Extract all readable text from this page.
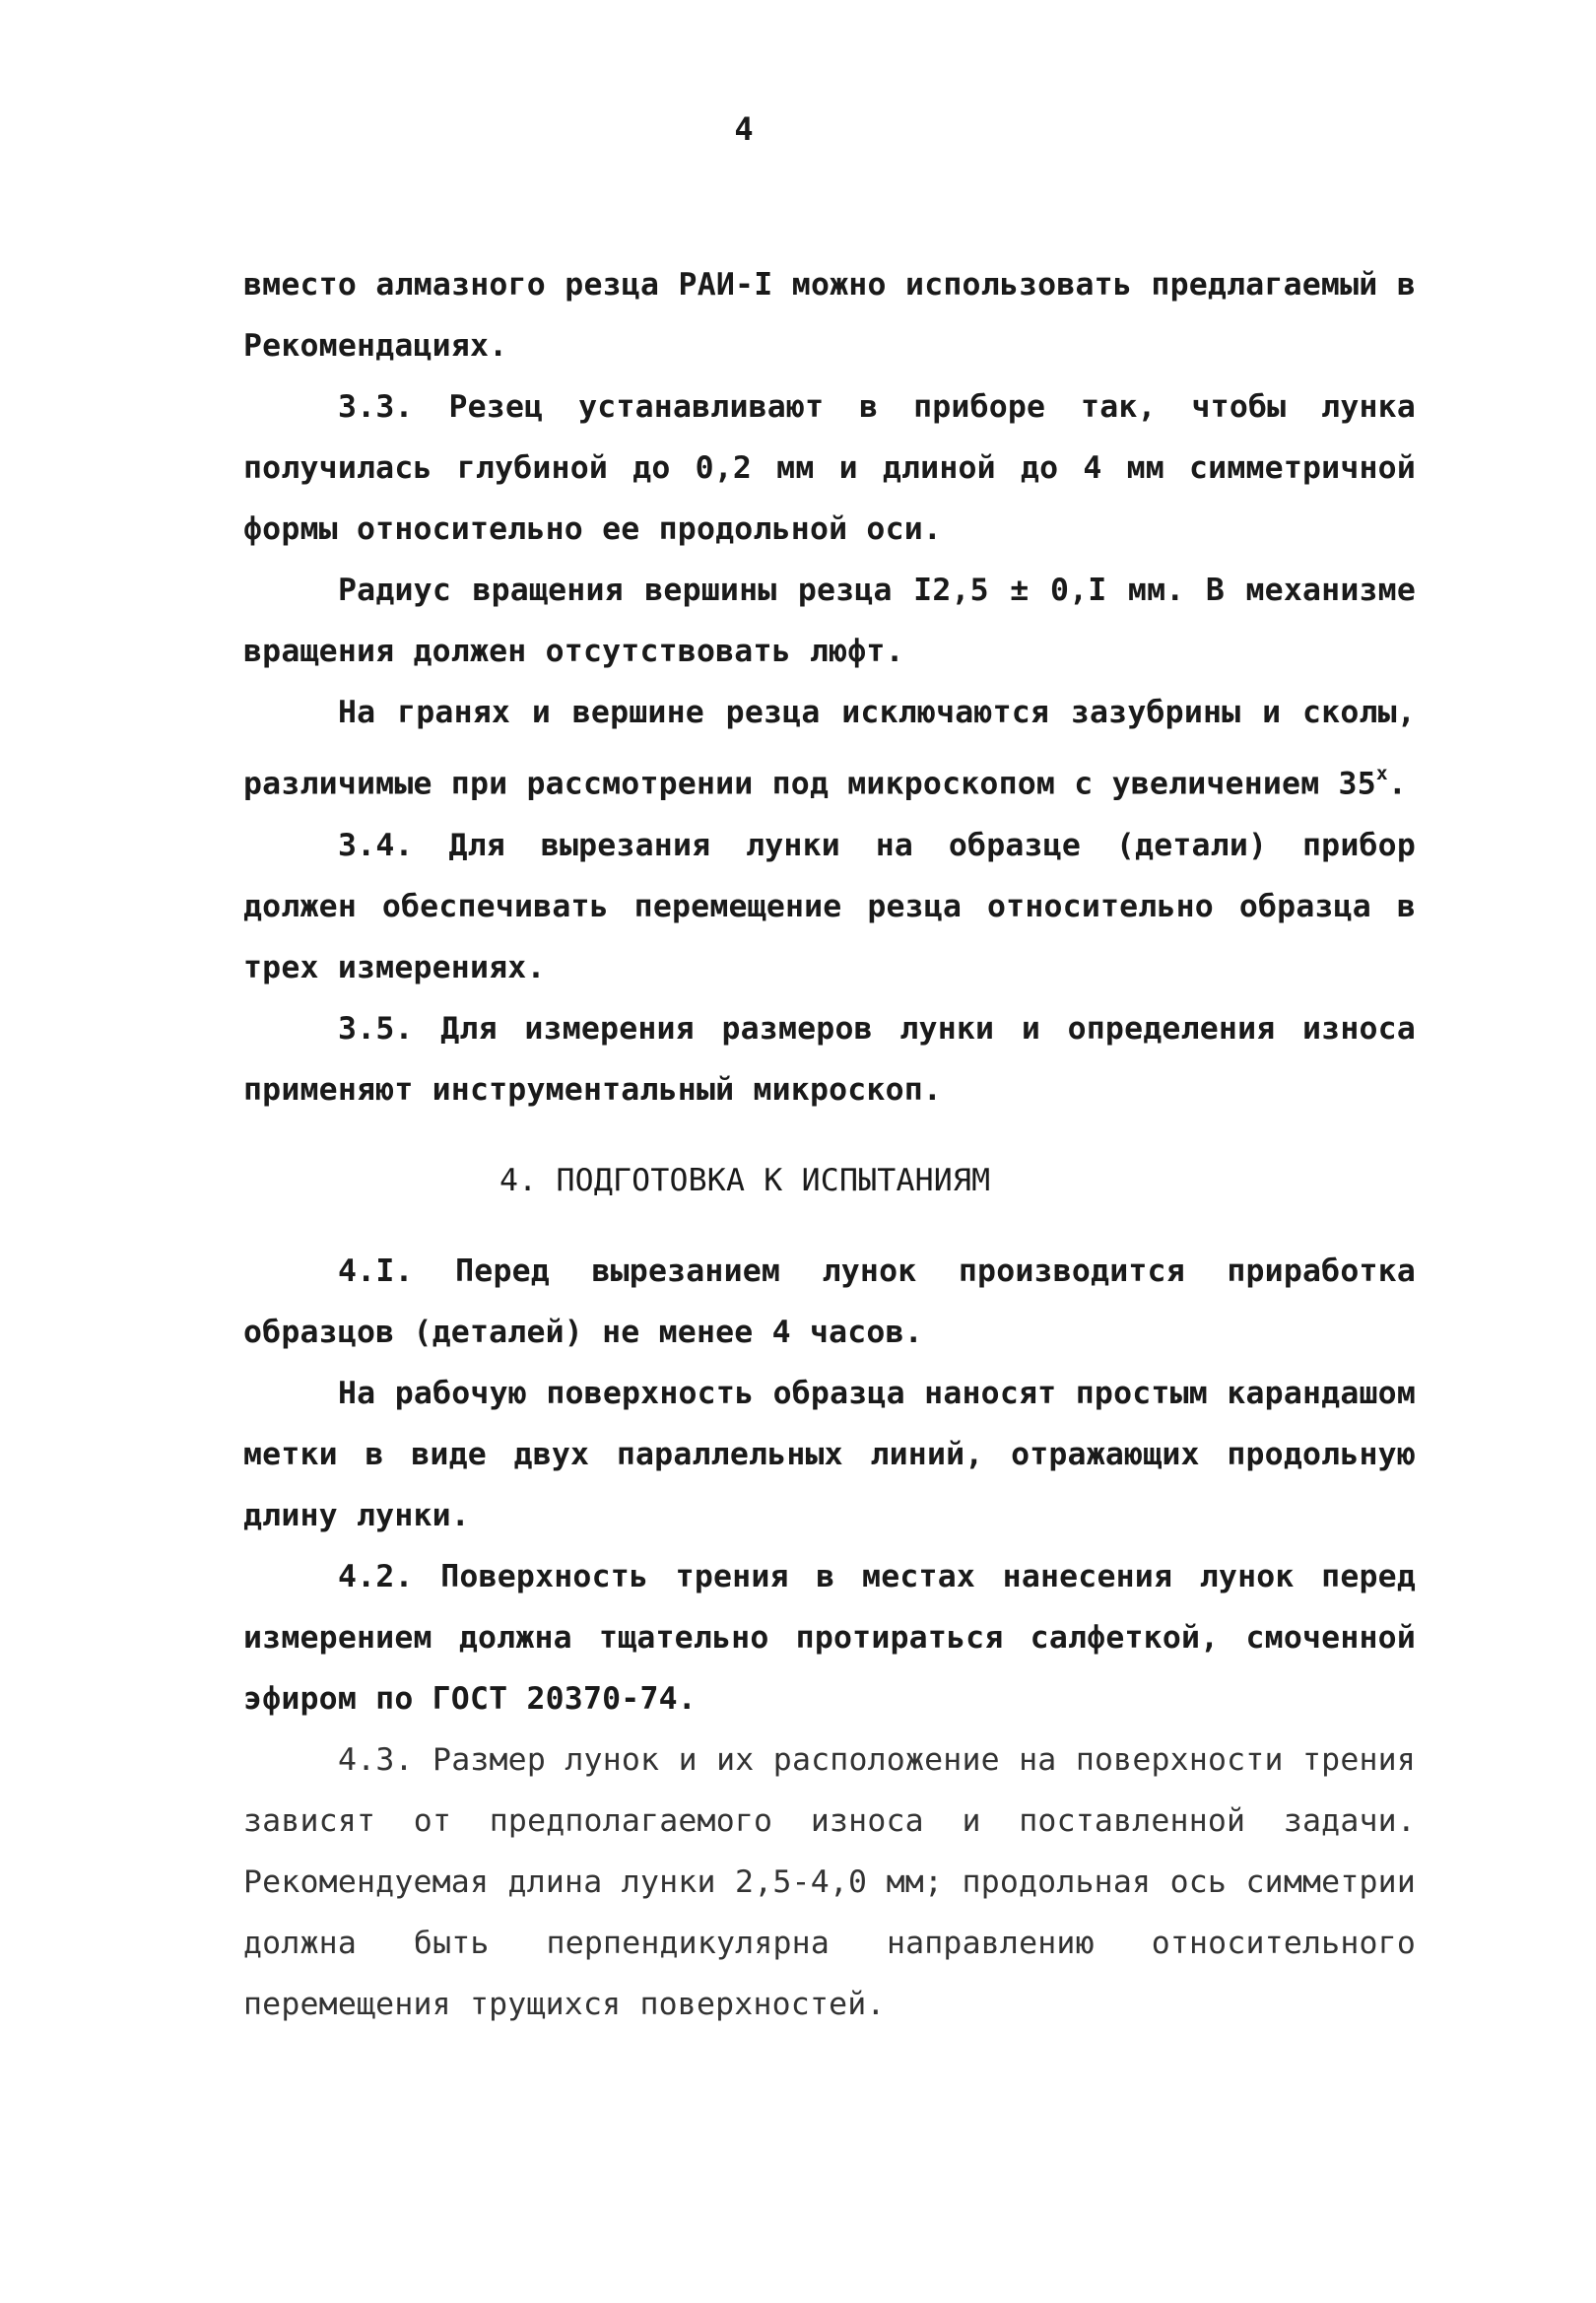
4

вместо алмазного резца РАИ-I можно использовать предлагаемый в Рекомендациях.

3.3. Резец устанавливают в приборе так, чтобы лунка получилась глубиной до 0,2 мм и длиной до 4 мм симметричной формы относительно ее продольной оси.

Радиус вращения вершины резца I2,5 ± 0,I мм. В механизме вращения должен отсутствовать люфт.

На гранях и вершине резца исключаются зазубрины и сколы, различимые при рассмотрении под микроскопом с увеличением 35$^x$.

3.4. Для вырезания лунки на образце (детали) прибор должен обеспечивать перемещение резца относительно образца в трех измерениях.

3.5. Для измерения размеров лунки и определения износа применяют инструментальный микроскоп.

4. ПОДГОТОВКА К ИСПЫТАНИЯМ

4.I. Перед вырезанием лунок производится приработка образцов (деталей) не менее 4 часов.

На рабочую поверхность образца наносят простым карандашом метки в виде двух параллельных линий, отражающих продольную длину лунки.

4.2. Поверхность трения в местах нанесения лунок перед измерением должна тщательно протираться салфеткой, смоченной эфиром по ГОСТ 20370-74.

4.3. Размер лунок и их расположение на поверхности трения зависят от предполагаемого износа и поставленной задачи. Рекомендуемая длина лунки 2,5-4,0 мм; продольная ось симметрии должна быть перпендикулярна направлению относительного перемещения трущихся поверхностей.
